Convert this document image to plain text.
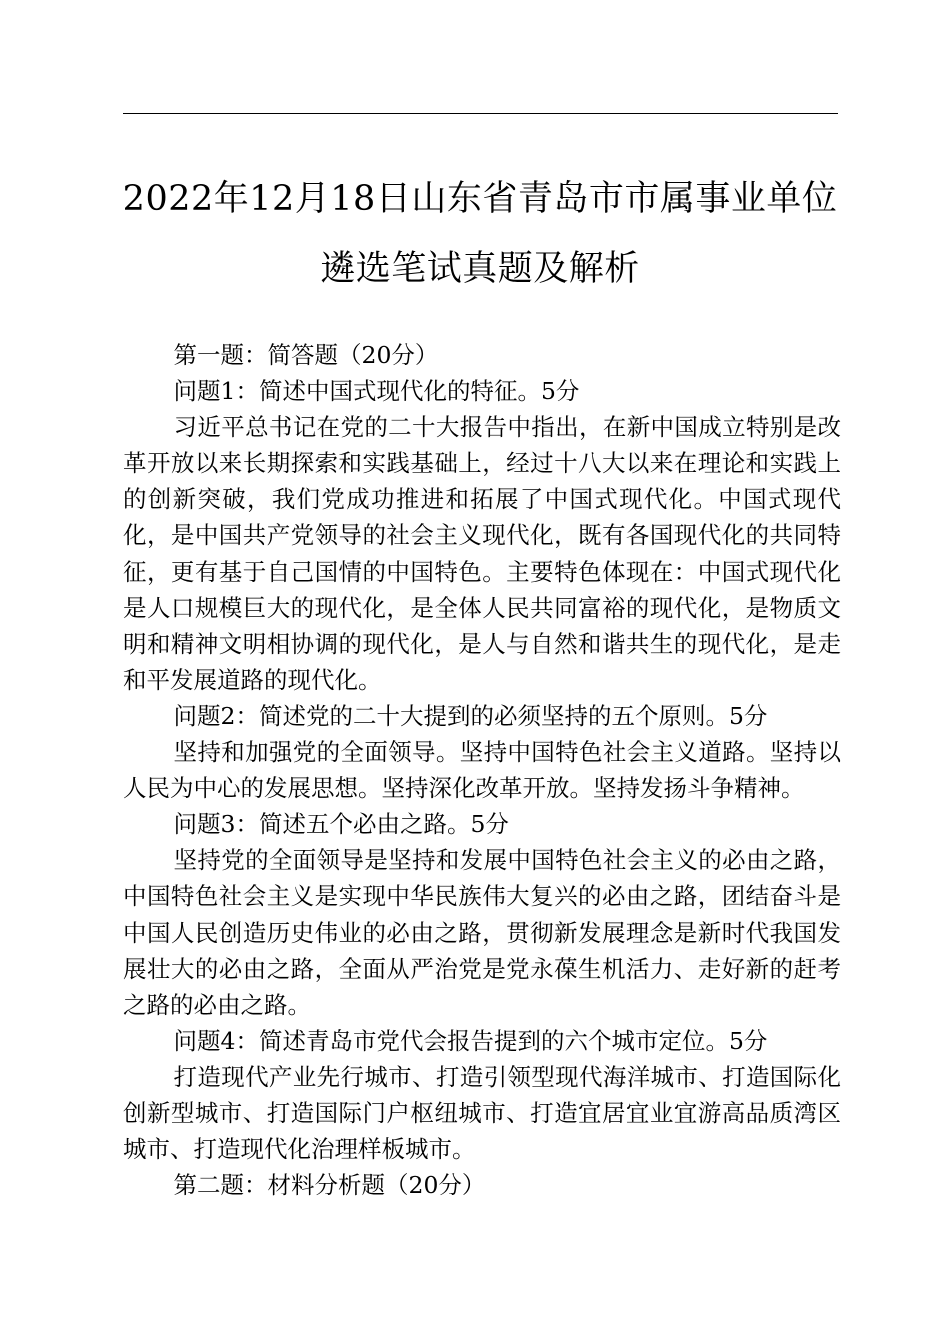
2022年12月18日山东省青岛市市属事业单位
遴选笔试真题及解析

第一题：简答题（20分）

问题1：简述中国式现代化的特征。5分

习近平总书记在党的二十大报告中指出，在新中国成立特别是改革开放以来长期探索和实践基础上，经过十八大以来在理论和实践上的创新突破，我们党成功推进和拓展了中国式现代化。中国式现代化，是中国共产党领导的社会主义现代化，既有各国现代化的共同特征，更有基于自己国情的中国特色。主要特色体现在：中国式现代化是人口规模巨大的现代化，是全体人民共同富裕的现代化，是物质文明和精神文明相协调的现代化，是人与自然和谐共生的现代化，是走和平发展道路的现代化。

问题2：简述党的二十大提到的必须坚持的五个原则。5分

坚持和加强党的全面领导。坚持中国特色社会主义道路。坚持以人民为中心的发展思想。坚持深化改革开放。坚持发扬斗争精神。

问题3：简述五个必由之路。5分

坚持党的全面领导是坚持和发展中国特色社会主义的必由之路，中国特色社会主义是实现中华民族伟大复兴的必由之路，团结奋斗是中国人民创造历史伟业的必由之路，贯彻新发展理念是新时代我国发展壮大的必由之路，全面从严治党是党永葆生机活力、走好新的赶考之路的必由之路。

问题4：简述青岛市党代会报告提到的六个城市定位。5分

打造现代产业先行城市、打造引领型现代海洋城市、打造国际化创新型城市、打造国际门户枢纽城市、打造宜居宜业宜游高品质湾区城市、打造现代化治理样板城市。

第二题：材料分析题（20分）
